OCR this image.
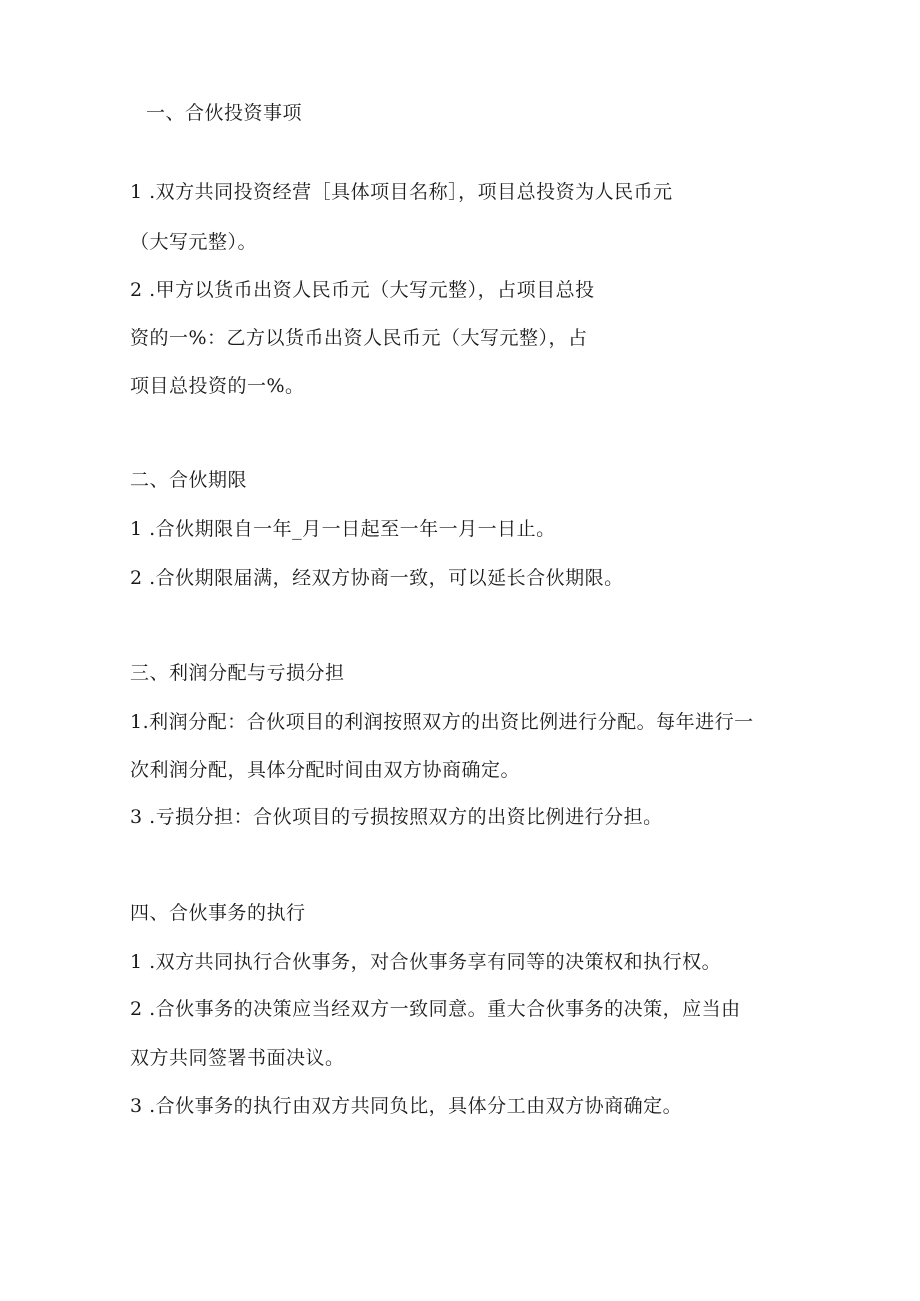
一、合伙投资事项
1 .双方共同投资经营［具体项目名称］，项目总投资为人民币元
（大写元整）。
2 .甲方以货币出资人民币元（大写元整），占项目总投
资的一%：乙方以货币出资人民币元（大写元整），占
项目总投资的一%。
二、合伙期限
1 .合伙期限自一年_月一日起至一年一月一日止。
2 .合伙期限届满，经双方协商一致，可以延长合伙期限。
三、利润分配与亏损分担
1.利润分配：合伙项目的利润按照双方的出资比例进行分配。每年进行一
次利润分配，具体分配时间由双方协商确定。
3 .亏损分担：合伙项目的亏损按照双方的出资比例进行分担。
四、合伙事务的执行
1 .双方共同执行合伙事务，对合伙事务享有同等的决策权和执行权。
2 .合伙事务的决策应当经双方一致同意。重大合伙事务的决策，应当由
双方共同签署书面决议。
3 .合伙事务的执行由双方共同负比，具体分工由双方协商确定。
